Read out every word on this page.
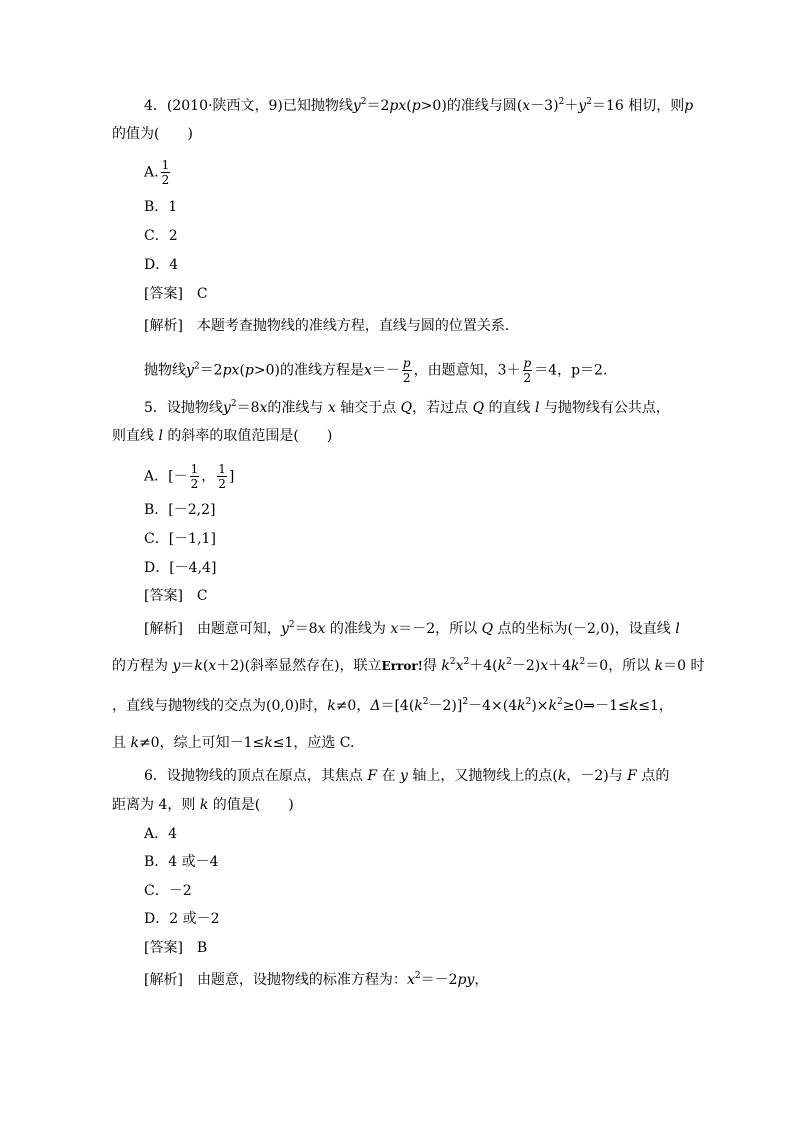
4．(2010·陕西文，9)已知抛物线$y^2=2px(p>0)$的准线与圆$(x-3)^2+y^2=16$ 相切，则p
的值为(　　)
A. $\frac{1}{2}$
B．1
C．2
D．4
[答案]　C
[解析]　 本题考查抛物线的准线方程，直线与圆的位置关系．
抛物线$y^2=2px(p>0)$的准线方程是$x=- \frac{p}{2}$ ，由题意知，$3+ \frac{p}{2} =4$，p＝2.
5．设抛物线$y^2=8x$的准线与 x 轴交于点 Q，若过点 Q 的直线 l 与抛物线有公共点，
则直线 l 的斜率的取值范围是(　　)
A．[－ $\frac{1}{2}$ ， $\frac{1}{2}$ ]
B．[－2,2]
C．[－1,1]
D．[－4,4]
[答案]　C
[解析]　 由题意可知，$y^2=8x$ 的准线为 x＝－2，所以 Q 点的坐标为(－2,0)，设直线 l
的方程为 y＝k(x＋2)(斜率显然存在)，联立Error!得 $k^2x^2+4(k^2-2)x+4k^2=0$，所以 k＝0 时
，直线与抛物线的交点为(0,0)时，k≠0，$\Delta=[4(k^2-2)]^2-4\times(4k^2)\times k^2\ge 0\Rightarrow-1\le k\le 1$，
且 k≠0，综上可知－1≤k≤1，应选 C.
6．设抛物线的顶点在原点，其焦点 F 在 y 轴上，又抛物线上的点(k，－2)与 F 点的
距离为 4，则 k 的值是(　　)
A．4
B．4 或－4
C．－2
D．2 或－2
[答案]　B
[解析]　 由题意，设抛物线的标准方程为：$x^2=-2py$，
